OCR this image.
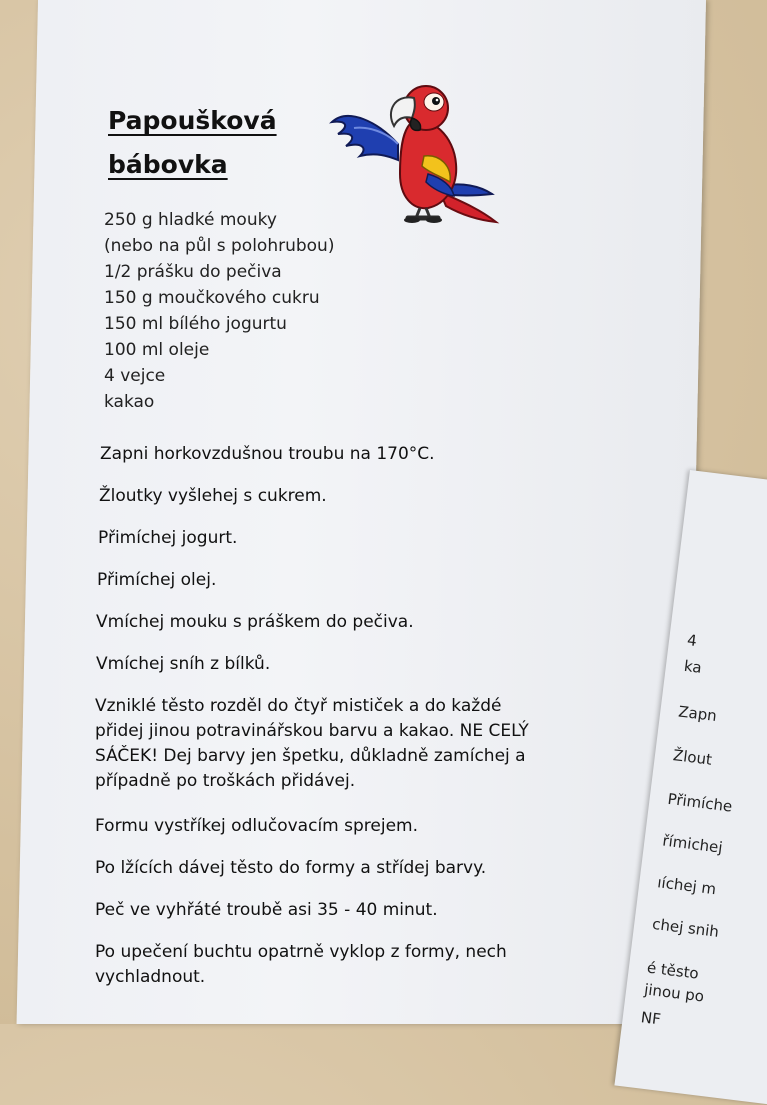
4
ka
Zapn
Žlout
Přimíche
římichej
ıíchej m
chej snih
é těsto
jinou po
NF
Papoušková
bábovka
250 g hladké mouky
(nebo na půl s polohrubou)
1/2 prášku do pečiva
150 g moučkového cukru
150 ml bílého jogurtu
100 ml oleje
4 vejce
kakao
Zapni horkovzdušnou troubu na 170°C.
Žloutky vyšlehej s cukrem.
Přimíchej jogurt.
Přimíchej olej.
Vmíchej mouku s práškem do pečiva.
Vmíchej sníh z bílků.
Vzniklé těsto rozděl do čtyř mističek a do každé
přidej jinou potravinářskou barvu a kakao. NE CELÝ
SÁČEK! Dej barvy jen špetku, důkladně zamíchej a
případně po troškách přidávej.
Formu vystříkej odlučovacím sprejem.
Po lžících dávej těsto do formy a střídej barvy.
Peč ve vyhřáté troubě asi 35 - 40 minut.
Po upečení buchtu opatrně vyklop z formy, nech
vychladnout.
